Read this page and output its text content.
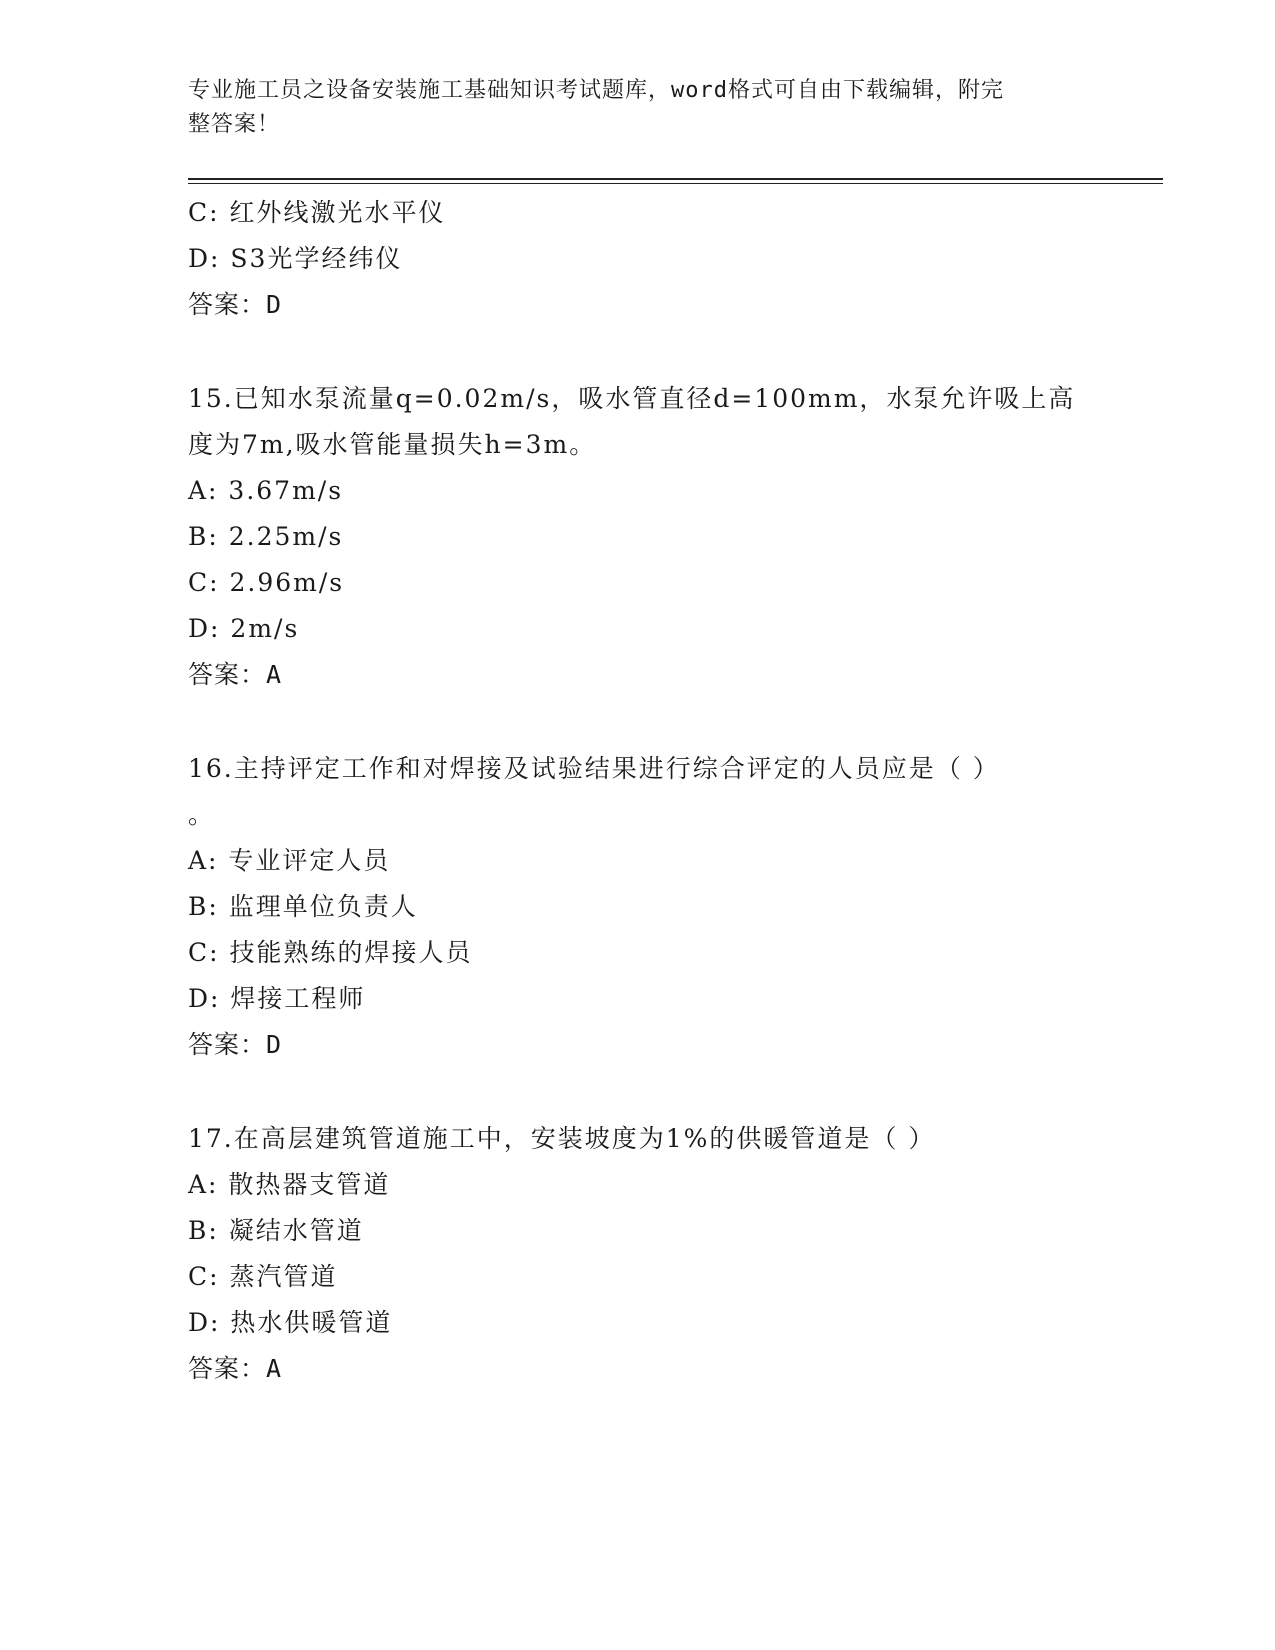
专业施工员之设备安装施工基础知识考试题库，word格式可自由下载编辑，附完
整答案！
C: 红外线激光水平仪
D: S3光学经纬仪
答案：D
15.已知水泵流量q=0.02m/s，吸水管直径d=100mm，水泵允许吸上高
度为7m,吸水管能量损失h=3m。
A: 3.67m/s
B: 2.25m/s
C: 2.96m/s
D: 2m/s
答案：A
16.主持评定工作和对焊接及试验结果进行综合评定的人员应是（ ）
。
A: 专业评定人员
B: 监理单位负责人
C: 技能熟练的焊接人员
D: 焊接工程师
答案：D
17.在高层建筑管道施工中，安装坡度为1%的供暖管道是（ ）
A: 散热器支管道
B: 凝结水管道
C: 蒸汽管道
D: 热水供暖管道
答案：A
